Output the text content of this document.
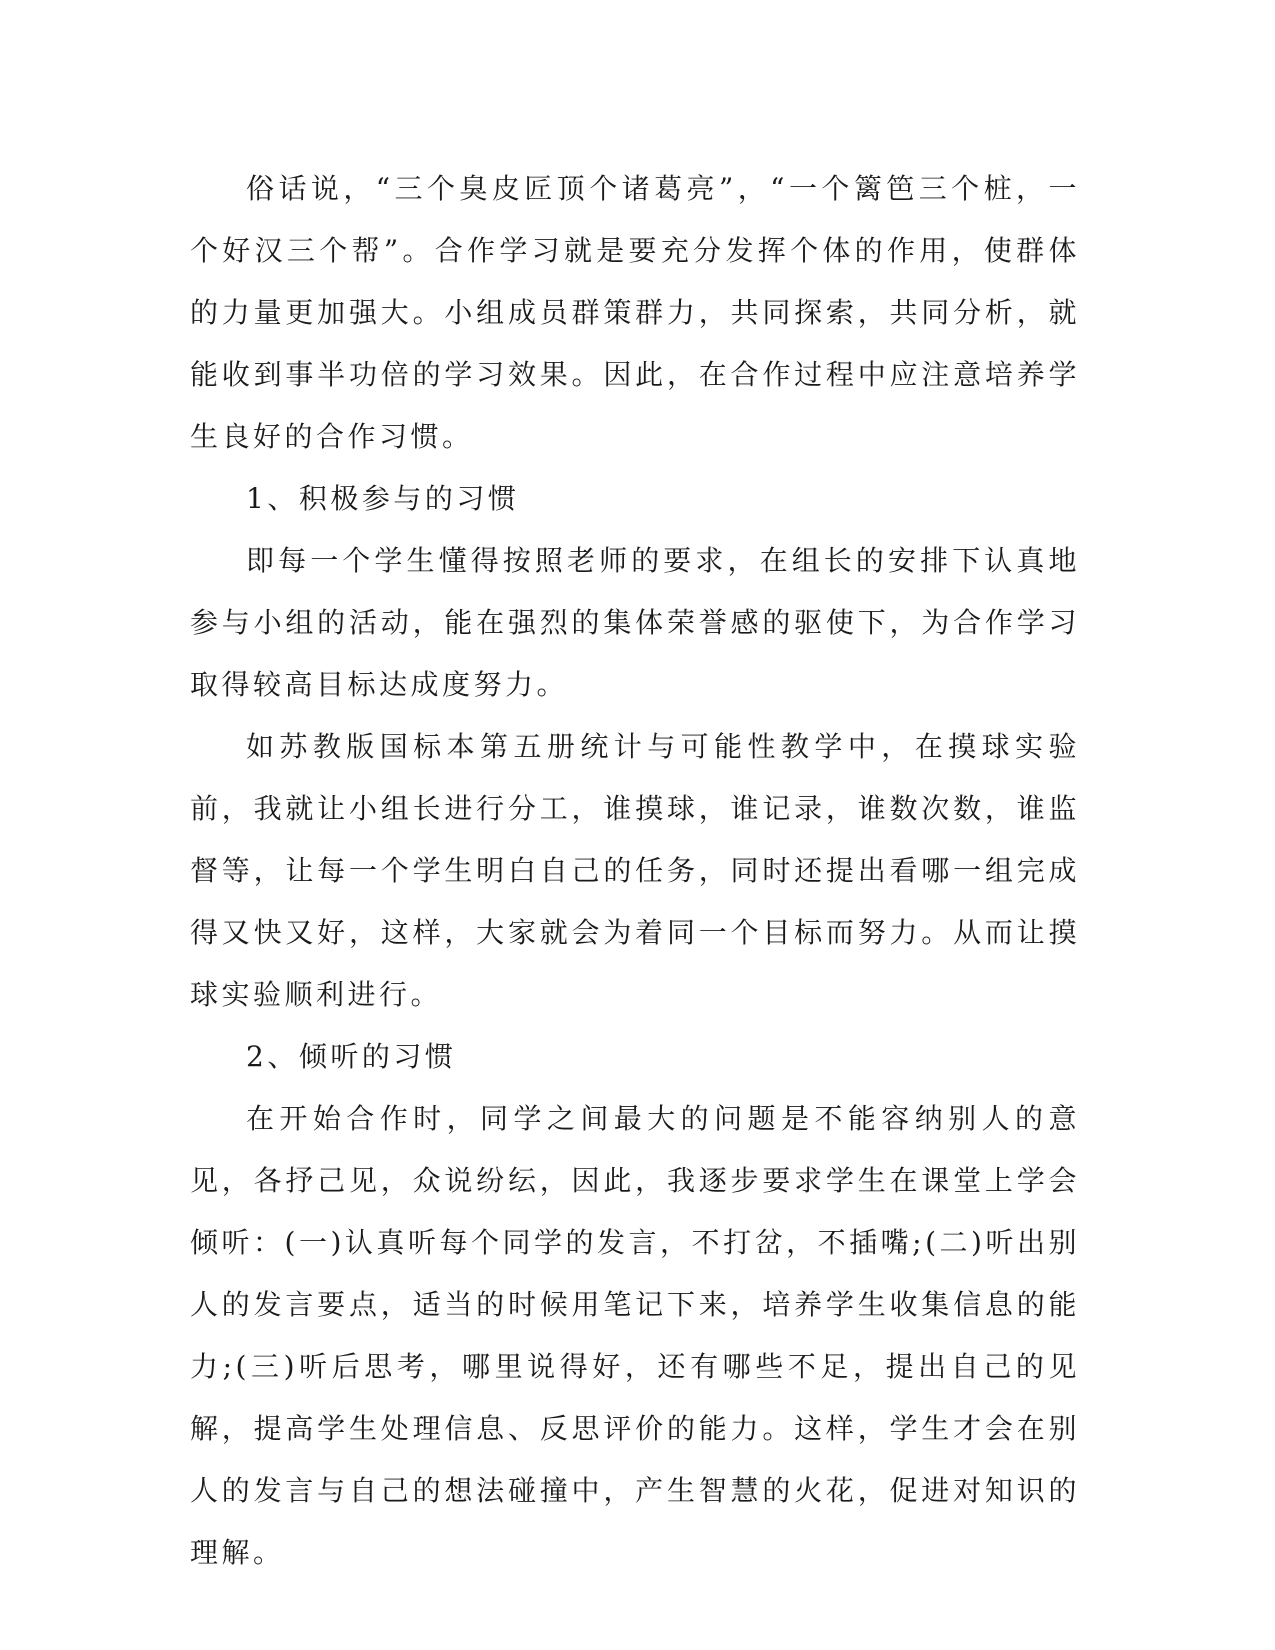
俗话说，“三个臭皮匠顶个诸葛亮”，“一个篱笆三个桩，一个好汉三个帮”。合作学习就是要充分发挥个体的作用，使群体的力量更加强大。小组成员群策群力，共同探索，共同分析，就能收到事半功倍的学习效果。因此，在合作过程中应注意培养学生良好的合作习惯。

1、积极参与的习惯

即每一个学生懂得按照老师的要求，在组长的安排下认真地参与小组的活动，能在强烈的集体荣誉感的驱使下，为合作学习取得较高目标达成度努力。

如苏教版国标本第五册统计与可能性教学中，在摸球实验前，我就让小组长进行分工，谁摸球，谁记录，谁数次数，谁监督等，让每一个学生明白自己的任务，同时还提出看哪一组完成得又快又好，这样，大家就会为着同一个目标而努力。从而让摸球实验顺利进行。

2、倾听的习惯

在开始合作时，同学之间最大的问题是不能容纳别人的意见，各抒己见，众说纷纭，因此，我逐步要求学生在课堂上学会倾听：(一)认真听每个同学的发言，不打岔，不插嘴;(二)听出别人的发言要点，适当的时候用笔记下来，培养学生收集信息的能力;(三)听后思考，哪里说得好，还有哪些不足，提出自己的见解，提高学生处理信息、反思评价的能力。这样，学生才会在别人的发言与自己的想法碰撞中，产生智慧的火花，促进对知识的理解。
